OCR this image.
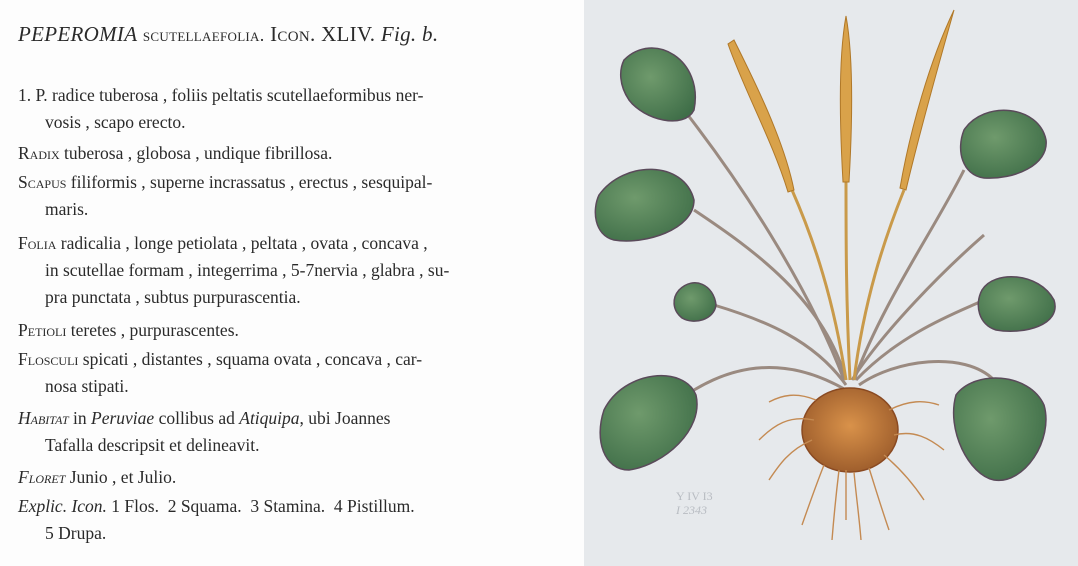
PEPEROMIA scutellaefolia. Icon. XLIV. Fig. b.
1. P. radice tuberosa , foliis peltatis scutellaeformibus ner-
vosis , scapo erecto.
Radix tuberosa , globosa , undique fibrillosa.
Scapus filiformis , superne incrassatus , erectus , sesquipal-
maris.
Folia radicalia , longe petiolata , peltata , ovata , concava ,
in scutellae formam , integerrima , 5-7nervia , glabra , su-
pra punctata , subtus purpurascentia.
Petioli teretes , purpurascentes.
Flosculi spicati , distantes , squama ovata , concava , car-
nosa stipati.
Habitat in Peruviae collibus ad Atiquipa, ubi Joannes
Tafalla descripsit et delineavit.
Floret Junio , et Julio.
Explic. Icon. 1 Flos.  2 Squama.  3 Stamina.  4 Pistillum.
5 Drupa.
Y IV I3
I 2343
